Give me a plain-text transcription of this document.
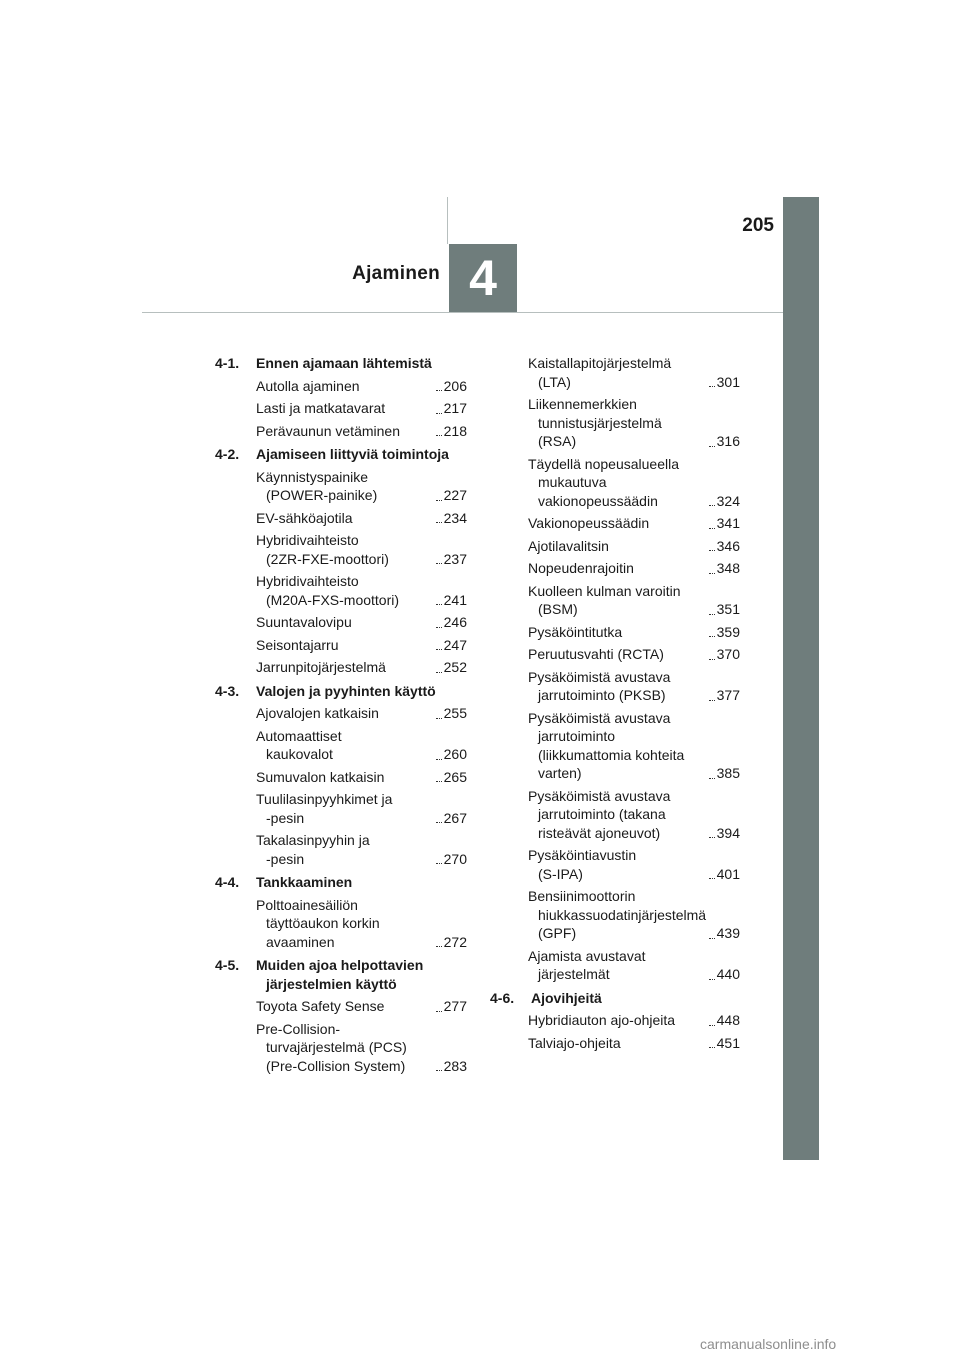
4
205
Ajaminen
4-1. Ennen ajamaan lähtemistä
Autolla ajaminen	206
Lasti ja matkatavarat	217
Perävaunun vetäminen	218
4-2. Ajamiseen liittyviä toimintoja
Käynnistyspainike
(POWER-painike)	227
EV-sähköajotila	234
Hybridivaihteisto
(2ZR-FXE-moottori)	237
Hybridivaihteisto
(M20A-FXS-moottori)	241
Suuntavalovipu	246
Seisontajarru	247
Jarrunpitojärjestelmä	252
4-3. Valojen ja pyyhinten käyttö
Ajovalojen katkaisin	255
Automaattiset
kaukovalot	260
Sumuvalon katkaisin	265
Tuulilasinpyyhkimet ja
-pesin	267
Takalasinpyyhin ja
-pesin	270
4-4. Tankkaaminen
Polttoainesäiliön
täyttöaukon korkin
avaaminen	272
4-5. Muiden ajoa helpottavien järjestelmien käyttö
Toyota Safety Sense	277
Pre-Collision-
turvajärjestelmä (PCS)
(Pre-Collision System)	283
Kaistallapitojärjestelmä
(LTA)	301
Liikennemerkkien
tunnistusjärjestelmä
(RSA)	316
Täydellä nopeusalueella
mukautuva
vakionopeussäädin	324
Vakionopeussäädin	341
Ajotilavalitsin	346
Nopeudenrajoitin	348
Kuolleen kulman varoitin
(BSM)	351
Pysäköintitutka	359
Peruutusvahti (RCTA)	370
Pysäköimistä avustava
jarrutoiminto (PKSB)	377
Pysäköimistä avustava
jarrutoiminto
(liikkumattomia kohteita
varten)	385
Pysäköimistä avustava
jarrutoiminto (takana
risteävät ajoneuvot)	394
Pysäköintiavustin
(S-IPA)	401
Bensiinimoottorin
hiukkassuodatinjärjestelmä
(GPF)	439
Ajamista avustavat
järjestelmät	440
4-6. Ajovihjeitä
Hybridiauton ajo-ohjeita	448
Talviajo-ohjeita	451
carmanualsonline.info
